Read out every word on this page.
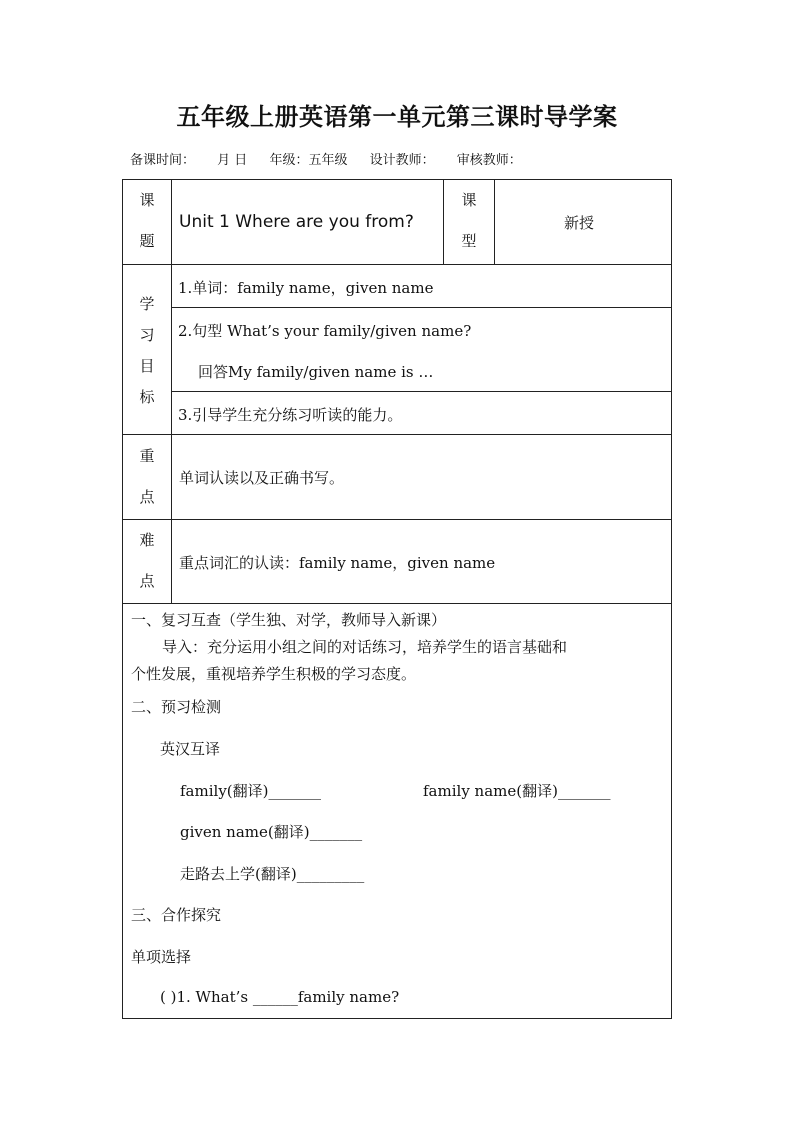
五年级上册英语第一单元第三课时导学案
备课时间： 月 日 年级：五年级 设计教师： 审核教师：
课
题
Unit 1 Where are you from?
课
型
新授
学
习
目
标
1.单词：family name，given name
2.句型 What’s your family/given name?
回答My family/given name is …
3.引导学生充分练习听读的能力。
重
点
单词认读以及正确书写。
难
点
重点词汇的认读：family name，given name
一、复习互查（学生独、对学，教师导入新课）
导入：充分运用小组之间的对话练习，培养学生的语言基础和
个性发展，重视培养学生积极的学习态度。
二、预习检测
英汉互译
family(翻译)_______	family name(翻译)_______
given name(翻译)_______
走路去上学(翻译)_________
三、合作探究
单项选择
( )1. What’s ______family name?
